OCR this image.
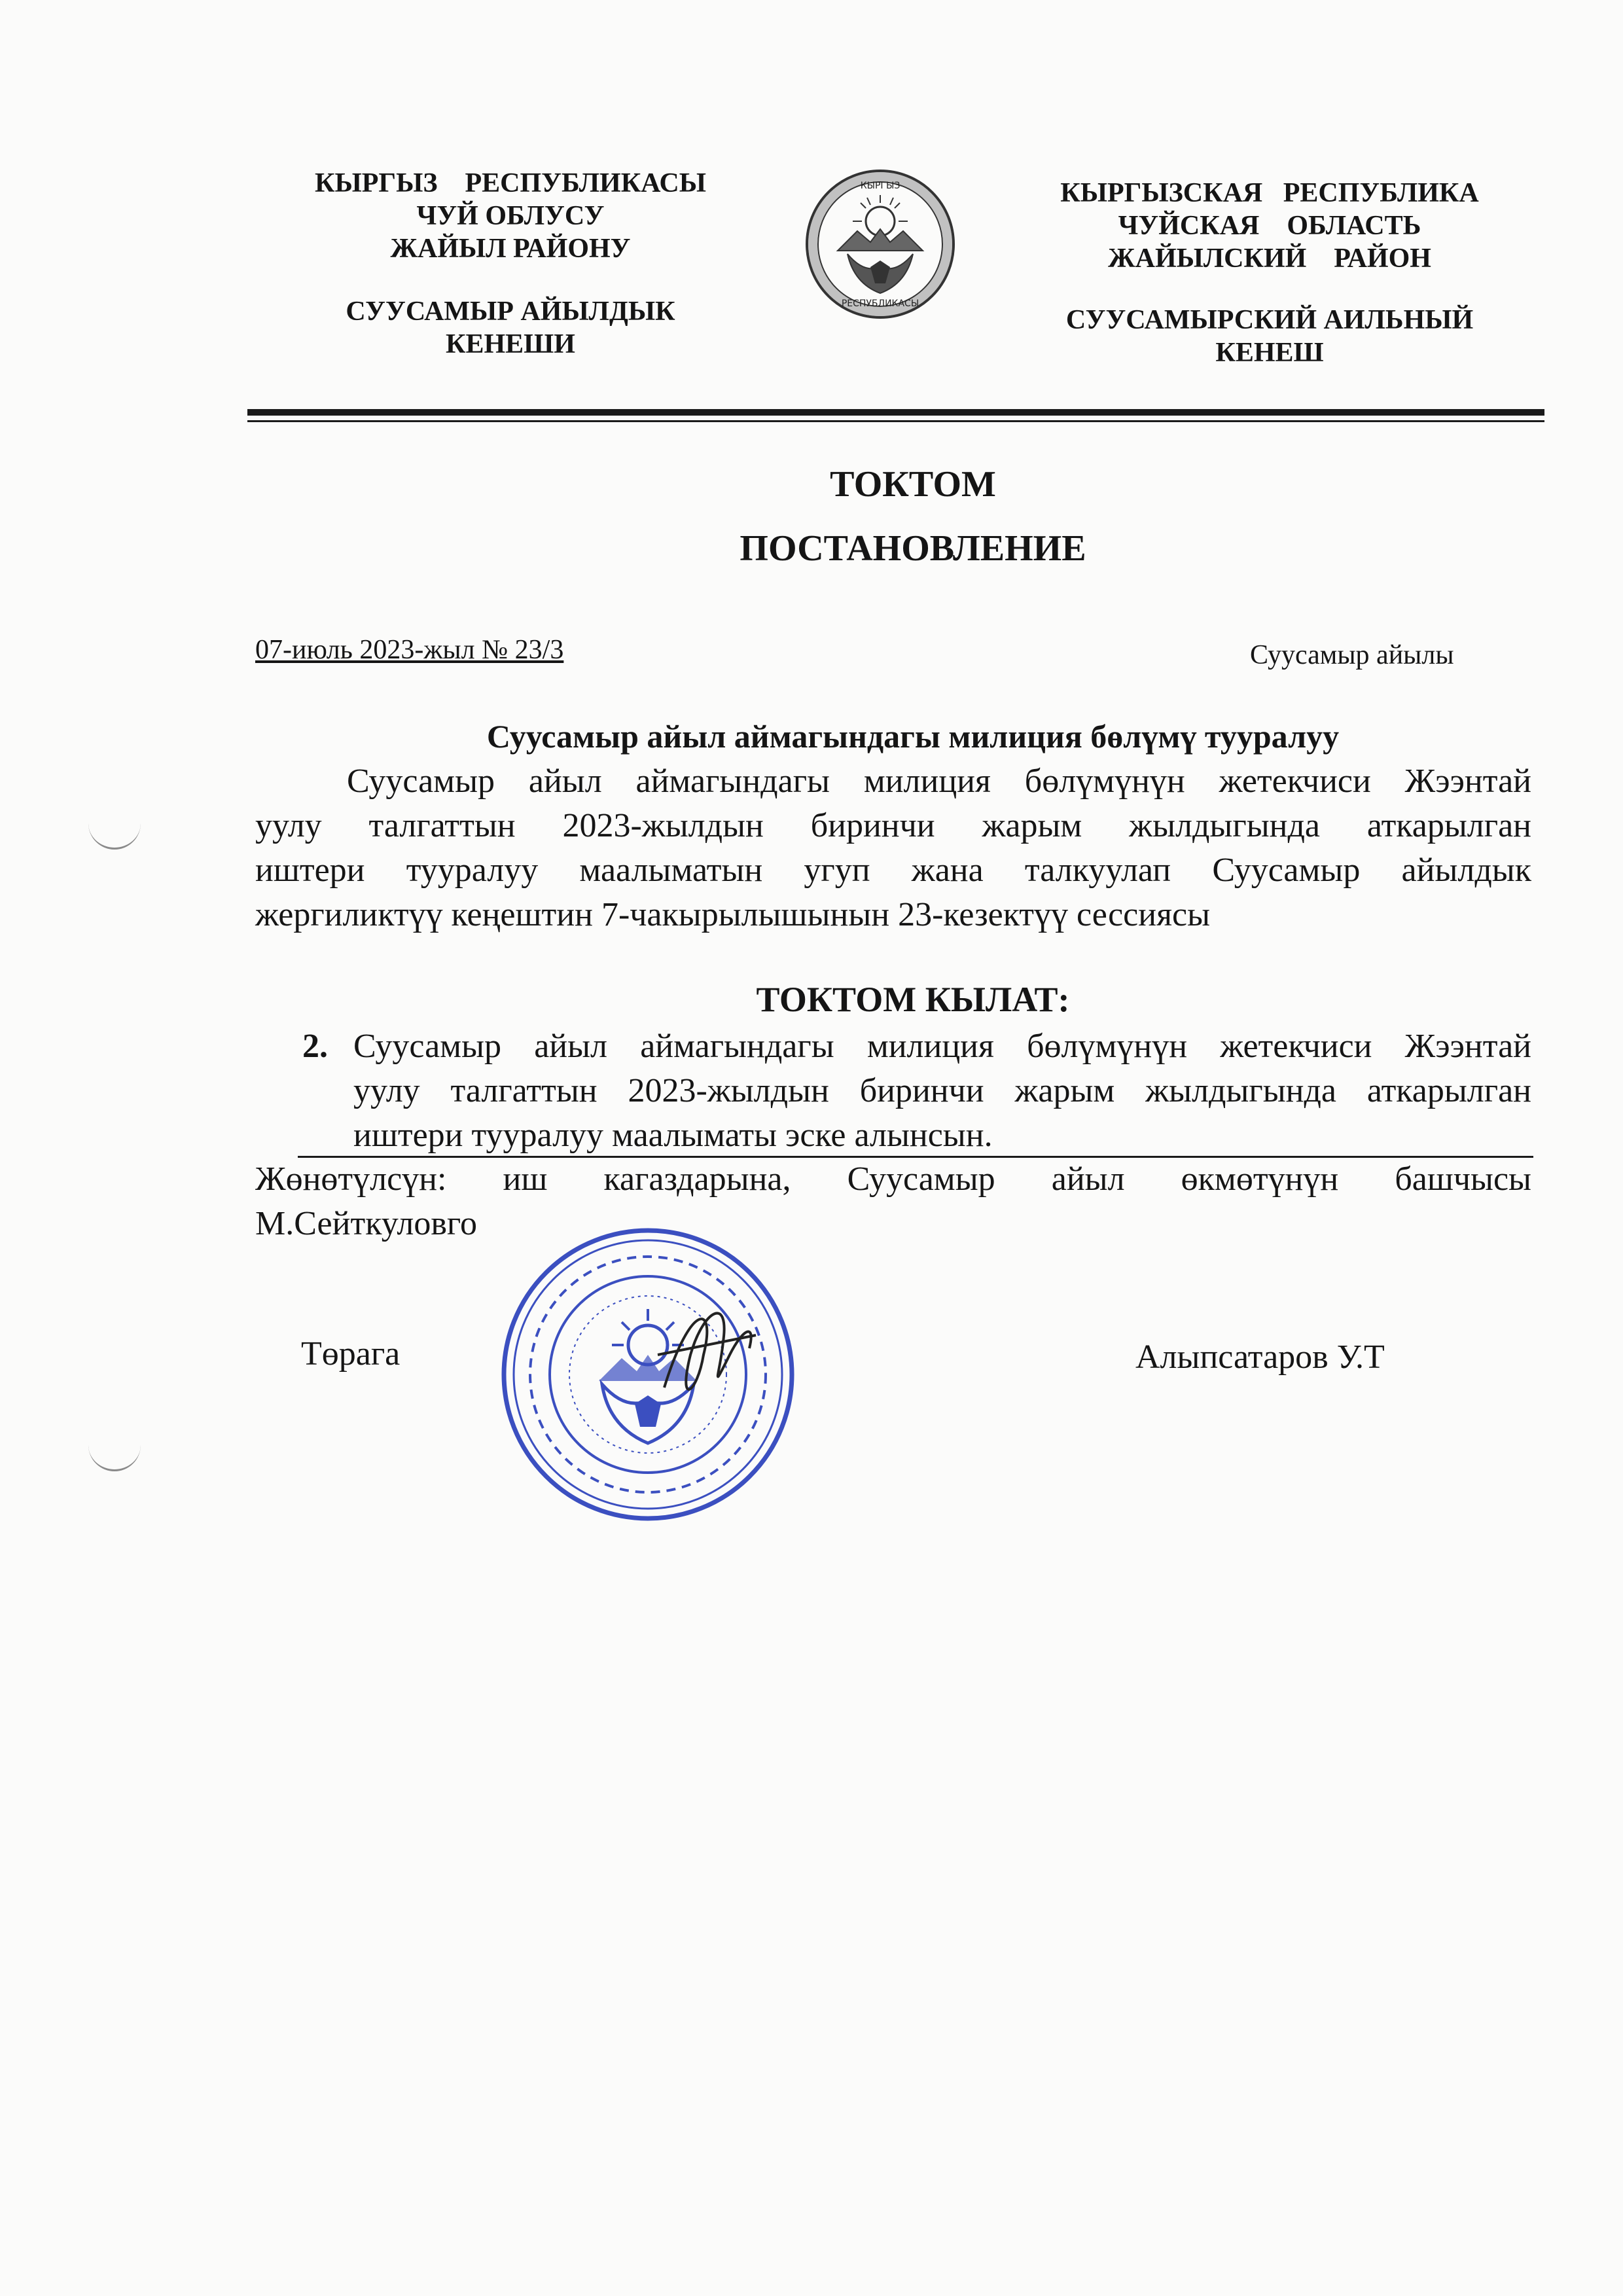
КЫРГЫЗ    РЕСПУБЛИКАСЫ
ЧУЙ ОБЛУСУ
ЖАЙЫЛ РАЙОНУ
СУУСАМЫР АЙЫЛДЫК
КЕНЕШИ
РЕСПУБЛИКАСЫ
КЫРГЫЗ	КЫРГЫЗСКАЯ   РЕСПУБЛИКА
ЧУЙСКАЯ    ОБЛАСТЬ
ЖАЙЫЛСКИЙ    РАЙОН
СУУСАМЫРСКИЙ АИЛЬНЫЙ
КЕНЕШ
ТОКТОМ
ПОСТАНОВЛЕНИЕ
07-июль 2023-жыл № 23/3	Суусамыр айылы
Суусамыр айыл аймагындагы милиция бөлүмү тууралуу
Суусамыр айыл аймагындагы милиция бөлүмүнүн жетекчиси Жээнтай
уулу талгаттын 2023-жылдын биринчи жарым жылдыгында аткарылган
иштери тууралуу маалыматын угуп жана талкуулап Суусамыр айылдык
жергиликтүү кеңештин 7-чакырылышынын 23-кезектүү сессиясы
ТОКТОМ КЫЛАТ:
2. Суусамыр айыл аймагындагы милиция бөлүмүнүн жетекчиси Жээнтай
уулу талгаттын 2023-жылдын биринчи жарым жылдыгында аткарылган
иштери тууралуу маалыматы эске алынсын.
Жөнөтүлсүн: иш кагаздарына, Суусамыр айыл өкмөтүнүн башчысы
М.Сейткуловго
Төрага	Алыпсатаров У.Т
